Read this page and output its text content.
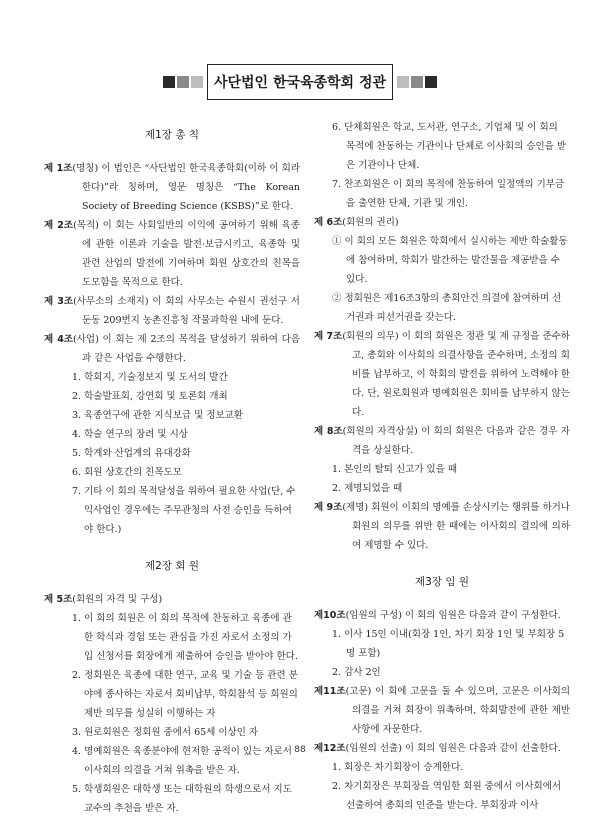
사단법인 한국육종학회 정관
제1장 총 칙

제 1조(명칭) 이 법인은 “사단법인 한국육종학회(이하 이 회라 한다)”라 칭하며, 영문 명칭은 “The Korean Society of Breeding Science (KSBS)”로 한다.

제 2조(목적) 이 회는 사회일반의 이익에 공여하기 위해 육종에 관한 이론과 기술을 발전·보급시키고, 육종학 및 관련 산업의 발전에 기여하며 회원 상호간의 친목을 도모함을 목적으로 한다.

제 3조(사무소의 소재지) 이 회의 사무소는 수원시 권선구 서둔동 209번지 농촌진흥청 작물과학원 내에 둔다.

제 4조(사업) 이 회는 제 2조의 목적을 달성하기 위하여 다음과 같은 사업을 수행한다.

1. 학회지, 기술정보지 및 도서의 발간

2. 학술발표회, 강연회 및 토론회 개최

3. 육종연구에 관한 지식보급 및 정보교환

4. 학술 연구의 장려 및 시상

5. 학계와 산업계의 유대강화

6. 회원 상호간의 친목도모

7. 기타 이 회의 목적달성을 위하여 필요한 사업(단, 수익사업인 경우에는 주무관청의 사전 승인을 득하여야 한다.)

제2장 회 원

제 5조(회원의 자격 및 구성)

1. 이 회의 회원은 이 회의 목적에 찬동하고 육종에 관한 학식과 경험 또는 관심을 가진 자로서 소정의 가입 신청서를 회장에게 제출하여 승인을 받아야 한다.

2. 정회원은 육종에 대한 연구, 교육 및 기술 등 관련 분야에 종사하는 자로서 회비납부, 학회참석 등 회원의 제반 의무를 성실히 이행하는 자

3. 원로회원은 정회원 중에서 65세 이상인 자

4. 명예회원은 육종분야에 현저한 공적이 있는 자로서 이사회의 의결을 거쳐 위촉을 받은 자.

5. 학생회원은 대학생 또는 대학원의 학생으로서 지도교수의 추천을 받은 자.

6. 단체회원은 학교, 도서관, 연구소, 기업체 및 이 회의 목적에 찬동하는 기관이나 단체로 이사회의 승인을 받은 기관이나 단체.

7. 찬조회원은 이 회의 목적에 찬동하여 일정액의 기부금을 출연한 단체, 기관 및 개인.

제 6조(회원의 권리)

① 이 회의 모든 회원은 학회에서 실시하는 제반 학술활동에 참여하며, 학회가 발간하는 발간물을 제공받을 수 있다.

② 정회원은 제16조3항의 총회안건 의결에 참여하며 선거권과 피선거권을 갖는다.

제 7조(회원의 의무) 이 회의 회원은 정관 및 제 규정을 준수하고, 총회와 이사회의 의결사항을 준수하며, 소정의 회비를 납부하고, 이 학회의 발전을 위하여 노력해야 한다. 단, 원로회원과 명예회원은 회비를 납부하지 않는다.

제 8조(회원의 자격상실) 이 회의 회원은 다음과 같은 경우 자격을 상실한다.

1. 본인의 탈퇴 신고가 있을 때

2. 제명되었을 때

제 9조(제명) 회원이 이회의 명예를 손상시키는 행위를 하거나 회원의 의무를 위반 한 때에는 이사회의 결의에 의하여 제명할 수 있다.

제3장 임 원

제10조(임원의 구성) 이 회의 임원은 다음과 같이 구성한다.

1. 이사 15인 이내(회장 1인, 차기 회장 1인 및 부회장 5명 포함)

2. 감사 2인

제11조(고문) 이 회에 고문을 둘 수 있으며, 고문은 이사회의 의결을 거쳐 회장이 위촉하며, 학회발전에 관한 제반 사항에 자문한다.

제12조(임원의 선출) 이 회의 임원은 다음과 같이 선출한다.

1. 회장은 차기회장이 승계한다.

2. 차기회장은 부회장을 역임한 회원 중에서 이사회에서 선출하여 총회의 인준을 받는다. 부회장과 이사

88
